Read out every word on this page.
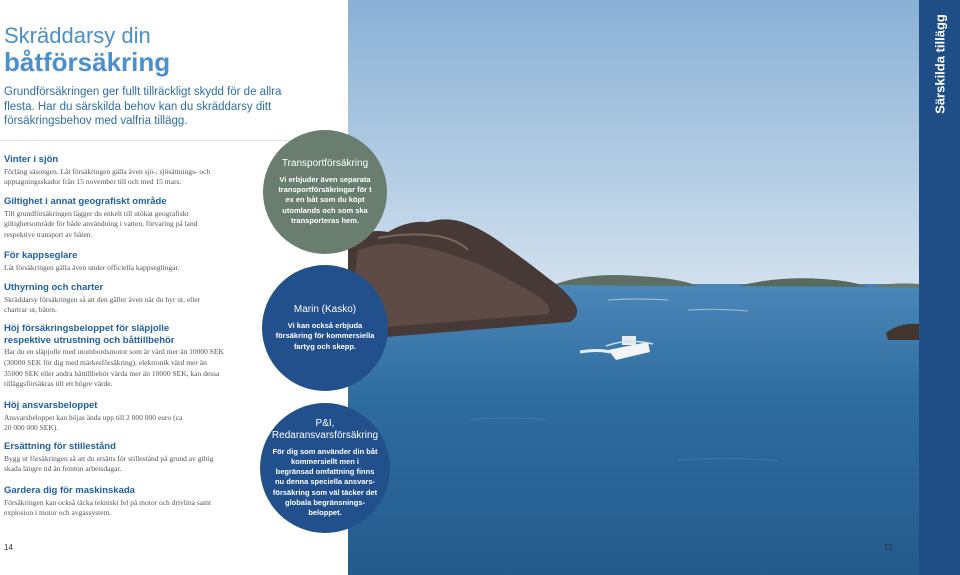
Skräddarsy din
båtförsäkring
Grundförsäkringen ger fullt tillräckligt skydd för de allra flesta. Har du särskilda behov kan du skräddarsy ditt försäkringsbehov med valfria tillägg.
Vinter i sjön
Förläng säsongen. Låt försäkringen gälla även sjö-, sjösättnings- och upptagningsskador från 15 november till och med 15 mars.
Giltighet i annat geografiskt område
Till grundförsäkringen lägger du enkelt till utökat geografiskt giltighetsområde för både användning i vatten, förvaring på land respektive transport av båten.
För kappseglare
Låt försäkringen gälla även under officiella kappseglingar.
Uthyrning och charter
Skräddarsy försäkringen så att den gäller även när du hyr ut, eller chartrar ut, båten.
Höj försäkringsbeloppet för släpjolle respektive utrustning och båttillbehör
Har du en släpjolle med utombordsmotor som är värd mer än 10000 SEK (30000 SEK för dig med märkesförsäkring), elektronik värd mer än 35000 SEK eller andra båttillbehör värda mer än 10000 SEK, kan dessa tilläggsförsäkras till ett högre värde.
Höj ansvarsbeloppet
Ansvarsbeloppet kan höjas ända upp till 2 000 000 euro (ca 20 000 000 SEK).
Ersättning för stillestånd
Bygg ut försäkringen så att du ersätts för stillestånd på grund av giltig skada längre tid än femton arbetsdagar.
Gardera dig för maskinskada
Försäkringen kan också täcka tekniskt fel på motor och drivlina samt explosion i motor och avgassystem.
14
Särskilda tillägg
Transportförsäkring
Vi erbjuder även separata transportförsäkringar för t ex en båt som du köpt utomlands och som ska transporteras hem.
Marin (Kasko)
Vi kan också erbjuda försäkring för kommersiella fartyg och skepp.
P&I, Redaransvarsförsäkring
För dig som använder din båt kommersiellt men i begränsad omfattning finns nu denna speciella ansvars-försäkring som väl täcker det globala begränsnings-beloppet.
15
